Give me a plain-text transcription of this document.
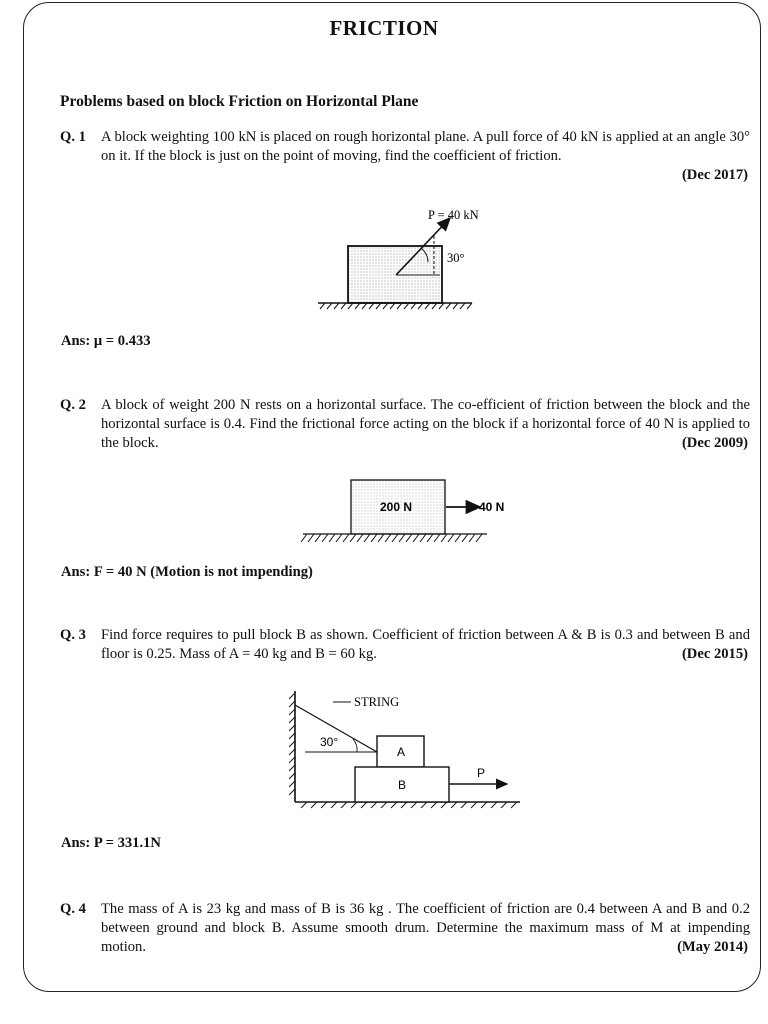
FRICTION
Problems based on block Friction on Horizontal Plane
Q. 1 A block weighting 100 kN is placed on rough horizontal plane. A pull force of 40 kN is applied at an angle 30° on it. If the block is just on the point of moving, find the coefficient of friction.
(Dec 2017)
P = 40 kN
30°
Ans: μ = 0.433
Q. 2 A block of weight 200 N rests on a horizontal surface. The co-efficient of friction between the block and the horizontal surface is 0.4. Find the frictional force acting on the block if a horizontal force of 40 N is applied to the block.	(Dec 2009)
200 N	40 N
Ans: F = 40 N (Motion is not impending)
Q. 3 Find force requires to pull block B as shown. Coefficient of friction between A & B is 0.3 and between B and floor is 0.25. Mass of A = 40 kg and B = 60 kg.	(Dec 2015)
30°
STRING
A
B
P
Ans: P = 331.1N
Q. 4 The mass of A is 23 kg and mass of B is 36 kg . The coefficient of friction are 0.4 between A and B and 0.2 between ground and block B. Assume smooth drum. Determine the maximum mass of M at impending motion.	(May 2014)
